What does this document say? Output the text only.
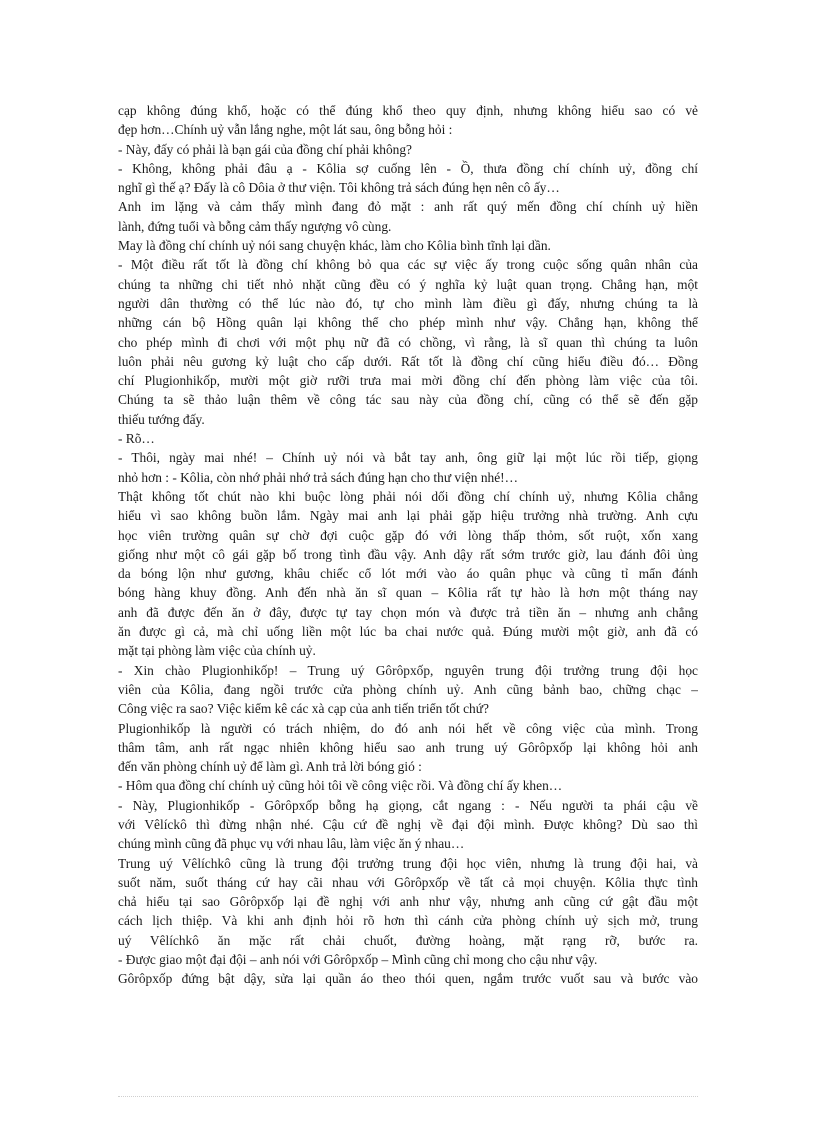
cạp không đúng khổ, hoặc có thể đúng khổ theo quy định, nhưng không hiểu sao có vẻ
đẹp hơn…Chính uỷ vẫn lắng nghe, một lát sau, ông bỗng hỏi :
- Này, đấy có phải là bạn gái của đồng chí phải không?
- Không, không phải đâu ạ - Kôlia sợ cuống lên - Ồ, thưa đồng chí chính uỷ, đồng chí
nghĩ gì thế ạ? Đấy là cô Dôia ở thư viện. Tôi không trả sách đúng hẹn nên cô ấy…
Anh im lặng và cảm thấy mình đang đỏ mặt : anh rất quý mến đồng chí chính uỷ hiền
lành, đứng tuổi và bỗng cảm thấy ngượng vô cùng.
May là đồng chí chính uỷ nói sang chuyện khác, làm cho Kôlia bình tĩnh lại dần.
- Một điều rất tốt là đồng chí không bỏ qua các sự việc ấy trong cuộc sống quân nhân của
chúng ta những chi tiết nhỏ nhặt cũng đều có ý nghĩa kỷ luật quan trọng. Chẳng hạn, một
người dân thường có thể lúc nào đó, tự cho mình làm điều gì đấy, nhưng chúng ta là
những cán bộ Hồng quân lại không thể cho phép mình như vậy. Chẳng hạn, không thể
cho phép mình đi chơi với một phụ nữ đã có chồng, vì rằng, là sĩ quan thì chúng ta luôn
luôn phải nêu gương kỷ luật cho cấp dưới. Rất tốt là đồng chí cũng hiểu điều đó… Đồng
chí Plugionhikốp, mười một giờ rưỡi trưa mai mời đồng chí đến phòng làm việc của tôi.
Chúng ta sẽ thảo luận thêm về công tác sau này của đồng chí, cũng có thể sẽ đến gặp
thiếu tướng đấy.
- Rõ…
- Thôi, ngày mai nhé! – Chính uỷ nói và bắt tay anh, ông giữ lại một lúc rồi tiếp, giọng
nhỏ hơn : - Kôlia, còn nhớ phải nhớ trả sách đúng hạn cho thư viện nhé!…
Thật không tốt chút nào khi buộc lòng phải nói dối đồng chí chính uỷ, nhưng Kôlia chẳng
hiểu vì sao không buồn lắm. Ngày mai anh lại phải gặp hiệu trưởng nhà trường. Anh cựu
học viên trường quân sự chờ đợi cuộc gặp đó với lòng thấp thỏm, sốt ruột, xốn xang
giống như một cô gái gặp bố trong tình đầu vậy. Anh dậy rất sớm trước giờ, lau đánh đôi ủng
da bóng lộn như gương, khâu chiếc cổ lót mới vào áo quân phục và cũng tỉ mẩn đánh
bóng hàng khuy đồng. Anh đến nhà ăn sĩ quan – Kôlia rất tự hào là hơn một tháng nay
anh đã được đến ăn ở đây, được tự tay chọn món và được trả tiền ăn – nhưng anh chẳng
ăn được gì cả, mà chỉ uống liền một lúc ba chai nước quả. Đúng mười một giờ, anh đã có
mặt tại phòng làm việc của chính uỷ.
- Xin chào Plugionhikốp! – Trung uý Gôrôpxốp, nguyên trung đội trưởng trung đội học
viên của Kôlia, đang ngồi trước cửa phòng chính uỷ. Anh cũng bảnh bao, chững chạc –
Công việc ra sao? Việc kiểm kê các xà cạp của anh tiến triển tốt chứ?
Plugionhikốp là người có trách nhiệm, do đó anh nói hết về công việc của mình. Trong
thâm tâm, anh rất ngạc nhiên không hiểu sao anh trung uý Gôrôpxốp lại không hỏi anh
đến văn phòng chính uỷ để làm gì. Anh trả lời bóng gió :
- Hôm qua đồng chí chính uỷ cũng hỏi tôi về công việc rồi. Và đồng chí ấy khen…
- Này, Plugionhikốp - Gôrôpxốp bỗng hạ giọng, cắt ngang : - Nếu người ta phái cậu về
với Vêlíckô thì đừng nhận nhé. Cậu cứ đề nghị về đại đội mình. Được không? Dù sao thì
chúng mình cũng đã phục vụ với nhau lâu, làm việc ăn ý nhau…
Trung uý Vêlíchkô cũng là trung đội trưởng trung đội học viên, nhưng là trung đội hai, và
suốt năm, suốt tháng cứ hay cãi nhau với Gôrôpxốp về tất cả mọi chuyện. Kôlia thực tình
chả hiểu tại sao Gôrôpxốp lại đề nghị với anh như vậy, nhưng anh cũng cứ gật đầu một
cách lịch thiệp. Và khi anh định hỏi rõ hơn thì cánh cửa phòng chính uỷ sịch mở, trung
uý Vêlíchkô ăn mặc rất chải chuốt, đường hoàng, mặt rạng rỡ, bước ra.
- Được giao một đại đội – anh nói với Gôrôpxốp – Mình cũng chỉ mong cho cậu như vậy.
Gôrôpxốp đứng bật dậy, sửa lại quần áo theo thói quen, ngắm trước vuốt sau và bước vào
